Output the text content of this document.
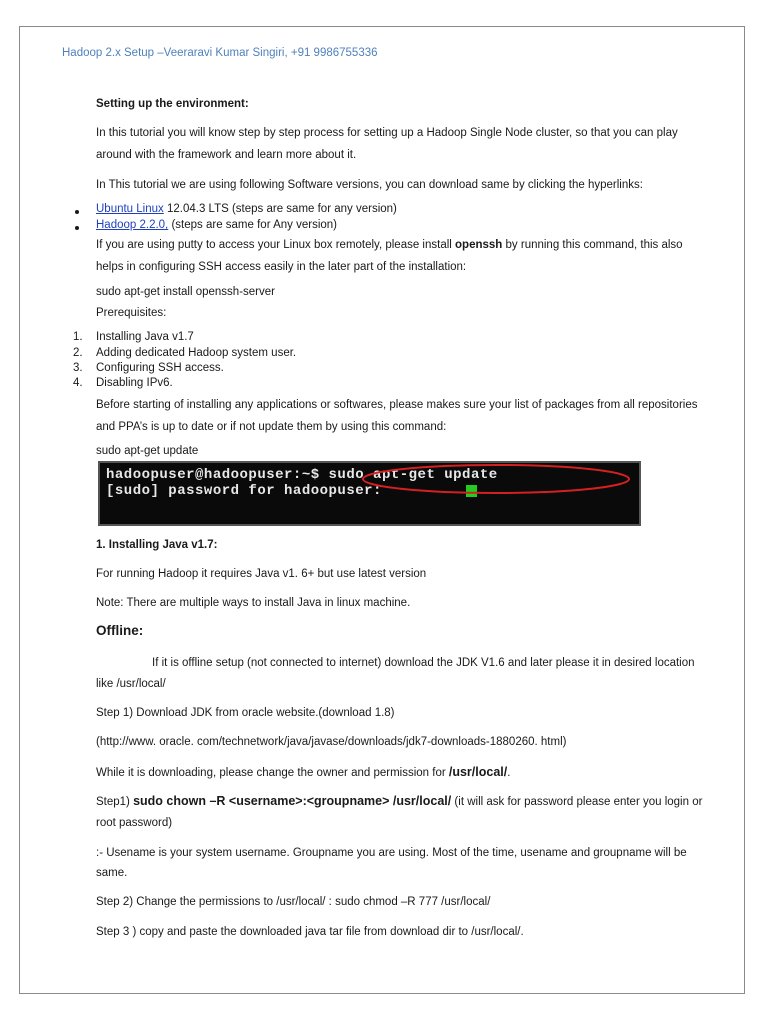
Hadoop 2.x Setup –Veeraravi Kumar Singiri, +91 9986755336
Setting up the environment:
In this tutorial you will know step by step process for setting up a Hadoop Single Node cluster, so that you can play
around with the framework and learn more about it.
In This tutorial we are using following Software versions, you can download same by clicking the hyperlinks:
Ubuntu Linux 12.04.3 LTS (steps are same for any version)
Hadoop 2.2.0, (steps are same for Any version)
If you are using putty to access your Linux box remotely, please install openssh by running this command, this also
helps in configuring SSH access easily in the later part of the installation:
sudo apt-get install openssh-server
Prerequisites:
1. Installing Java v1.7
2. Adding dedicated Hadoop system user.
3. Configuring SSH access.
4. Disabling IPv6.
Before starting of installing any applications or softwares, please makes sure your list of packages from all repositories
and PPA’s is up to date or if not update them by using this command:
sudo apt-get update
hadoopuser@hadoopuser:~$ sudo apt-get update
[sudo] password for hadoopuser:
1. Installing Java v1.7:
For running Hadoop it requires Java v1. 6+ but use latest version
Note: There are multiple ways to install Java in linux machine.
Offline:
If it is offline setup (not connected to internet) download the JDK V1.6 and later please it in desired location
like /usr/local/
Step 1) Download JDK from oracle website.(download 1.8)
(http://www. oracle. com/technetwork/java/javase/downloads/jdk7-downloads-1880260. html)
While it is downloading, please change the owner and permission for /usr/local/.
Step1) sudo chown –R <username>:<groupname> /usr/local/ (it will ask for password please enter you login or
root password)
:- Usename is your system username. Groupname you are using. Most of the time, usename and groupname will be
same.
Step 2) Change the permissions to /usr/local/ : sudo chmod –R 777 /usr/local/
Step 3 ) copy and paste the downloaded java tar file from download dir to /usr/local/.
